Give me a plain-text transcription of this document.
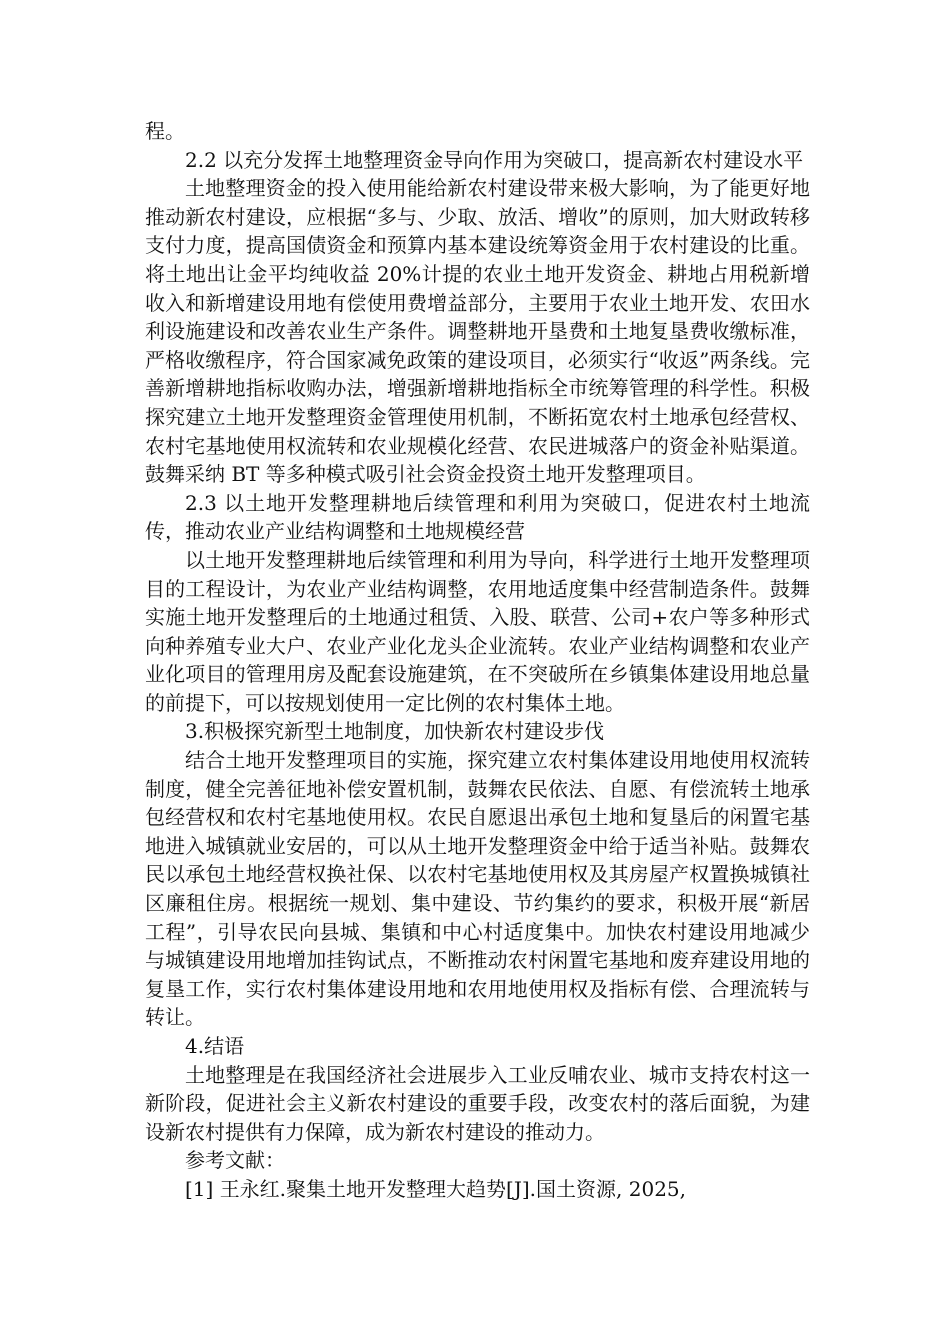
程。

2.2 以充分发挥土地整理资金导向作用为突破口，提高新农村建设水平

土地整理资金的投入使用能给新农村建设带来极大影响，为了能更好地推动新农村建设，应根据“多与、少取、放活、增收”的原则，加大财政转移支付力度，提高国债资金和预算内基本建设统筹资金用于农村建设的比重。将土地出让金平均纯收益 20%计提的农业土地开发资金、耕地占用税新增收入和新增建设用地有偿使用费增益部分，主要用于农业土地开发、农田水利设施建设和改善农业生产条件。调整耕地开垦费和土地复垦费收缴标准，严格收缴程序，符合国家减免政策的建设项目，必须实行“收返”两条线。完善新增耕地指标收购办法，增强新增耕地指标全市统筹管理的科学性。积极探究建立土地开发整理资金管理使用机制，不断拓宽农村土地承包经营权、农村宅基地使用权流转和农业规模化经营、农民进城落户的资金补贴渠道。鼓舞采纳 BT 等多种模式吸引社会资金投资土地开发整理项目。

2.3 以土地开发整理耕地后续管理和利用为突破口，促进农村土地流传，推动农业产业结构调整和土地规模经营

以土地开发整理耕地后续管理和利用为导向，科学进行土地开发整理项目的工程设计，为农业产业结构调整，农用地适度集中经营制造条件。鼓舞实施土地开发整理后的土地通过租赁、入股、联营、公司+农户等多种形式向种养殖专业大户、农业产业化龙头企业流转。农业产业结构调整和农业产业化项目的管理用房及配套设施建筑，在不突破所在乡镇集体建设用地总量的前提下，可以按规划使用一定比例的农村集体土地。

3.积极探究新型土地制度，加快新农村建设步伐

结合土地开发整理项目的实施，探究建立农村集体建设用地使用权流转制度，健全完善征地补偿安置机制，鼓舞农民依法、自愿、有偿流转土地承包经营权和农村宅基地使用权。农民自愿退出承包土地和复垦后的闲置宅基地进入城镇就业安居的，可以从土地开发整理资金中给于适当补贴。鼓舞农民以承包土地经营权换社保、以农村宅基地使用权及其房屋产权置换城镇社区廉租住房。根据统一规划、集中建设、节约集约的要求，积极开展“新居工程”，引导农民向县城、集镇和中心村适度集中。加快农村建设用地减少与城镇建设用地增加挂钩试点，不断推动农村闲置宅基地和废弃建设用地的复垦工作，实行农村集体建设用地和农用地使用权及指标有偿、合理流转与转让。

4.结语

土地整理是在我国经济社会进展步入工业反哺农业、城市支持农村这一新阶段，促进社会主义新农村建设的重要手段，改变农村的落后面貌，为建设新农村提供有力保障，成为新农村建设的推动力。

参考文献：

[1] 王永红.聚集土地开发整理大趋势[J].国土资源, 2025,
